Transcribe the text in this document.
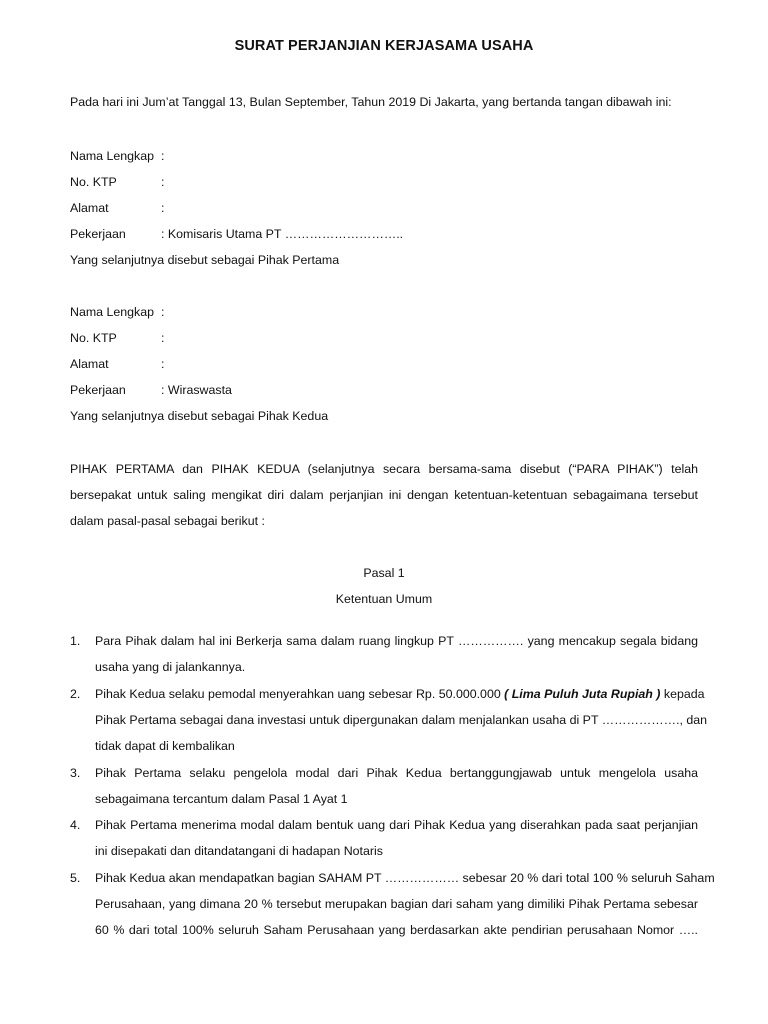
SURAT PERJANJIAN KERJASAMA USAHA
Pada hari ini Jum’at Tanggal 13, Bulan September, Tahun 2019 Di Jakarta, yang bertanda tangan dibawah ini:
Nama Lengkap :
No. KTP	:
Alamat	:
Pekerjaan	: Komisaris Utama PT ………………………..
Yang selanjutnya disebut sebagai Pihak Pertama
Nama Lengkap :
No. KTP	:
Alamat	:
Pekerjaan	: Wiraswasta
Yang selanjutnya disebut sebagai Pihak Kedua
PIHAK PERTAMA dan PIHAK KEDUA (selanjutnya secara bersama-sama disebut (“PARA PIHAK”) telah
bersepakat untuk saling mengikat diri dalam perjanjian ini dengan ketentuan-ketentuan sebagaimana tersebut
dalam pasal-pasal sebagai berikut :
Pasal 1
Ketentuan Umum
1. Para Pihak dalam hal ini Berkerja sama dalam ruang lingkup PT ……………. yang mencakup segala bidang
usaha yang di jalankannya.
2. Pihak Kedua selaku pemodal menyerahkan uang sebesar Rp. 50.000.000 ( Lima Puluh Juta Rupiah ) kepada
Pihak Pertama sebagai dana investasi untuk dipergunakan dalam menjalankan usaha di PT ………………., dan
tidak dapat di kembalikan
3. Pihak Pertama selaku pengelola modal dari Pihak Kedua bertanggungjawab untuk mengelola usaha
sebagaimana tercantum dalam Pasal 1 Ayat 1
4. Pihak Pertama menerima modal dalam bentuk uang dari Pihak Kedua yang diserahkan pada saat perjanjian
ini disepakati dan ditandatangani di hadapan Notaris
5. Pihak Kedua akan mendapatkan bagian SAHAM PT ……………… sebesar 20 % dari total 100 % seluruh Saham
Perusahaan, yang dimana 20 % tersebut merupakan bagian dari saham yang dimiliki Pihak Pertama sebesar
60 % dari total 100% seluruh Saham Perusahaan yang berdasarkan akte pendirian perusahaan Nomor …..
